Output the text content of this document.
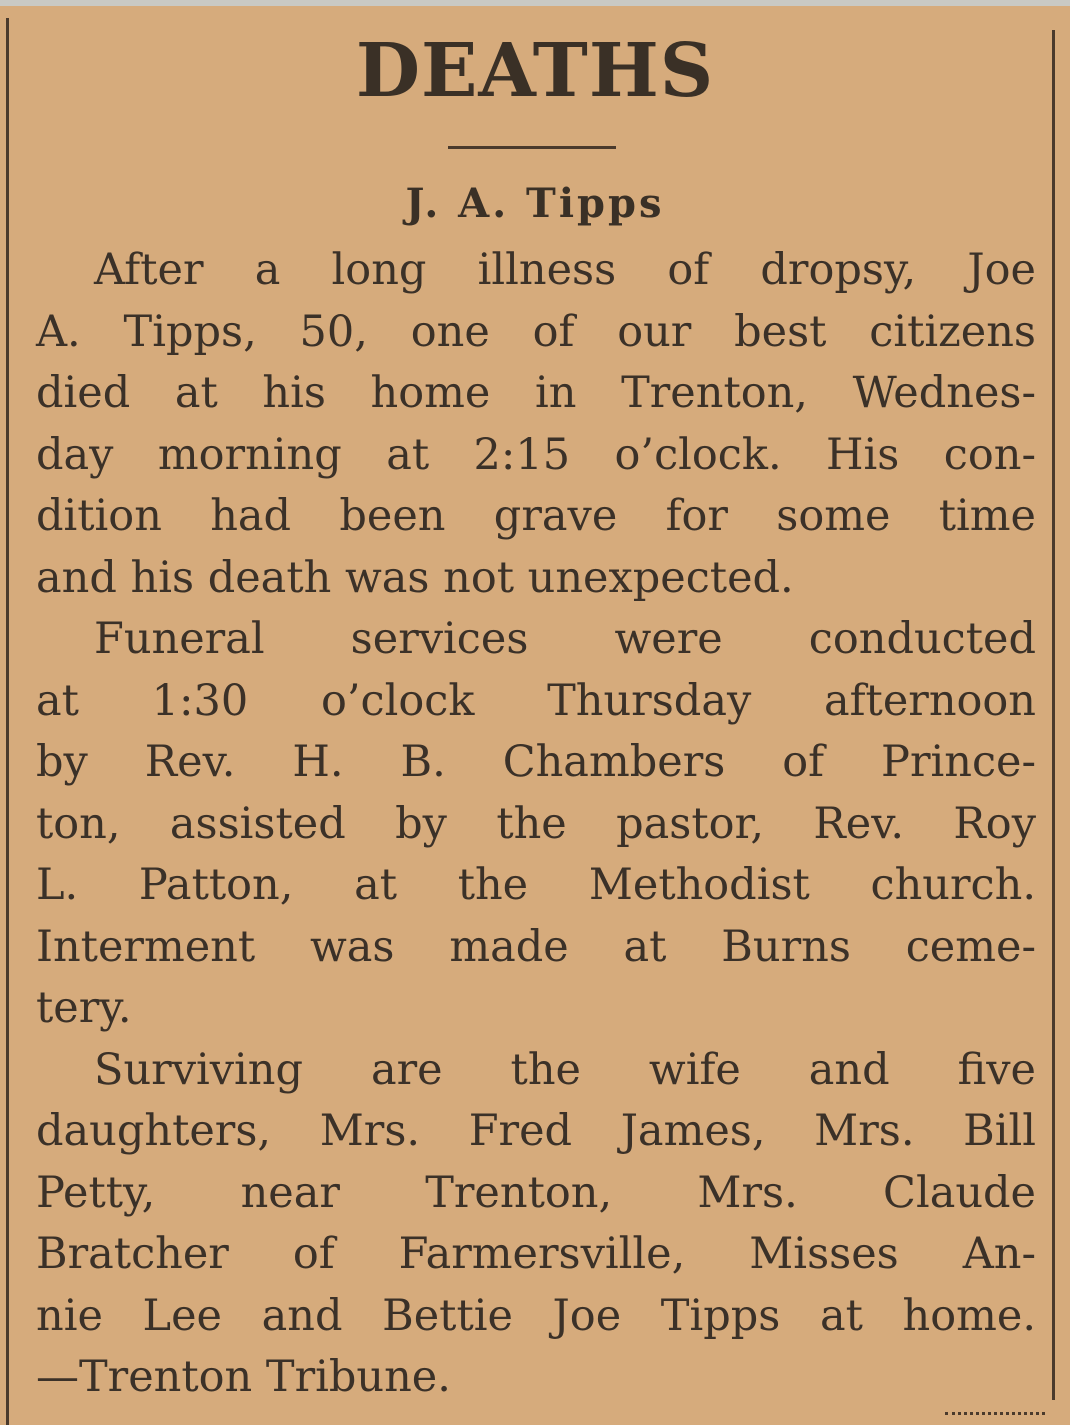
DEATHS
J. A. Tipps
After a long illness of dropsy, Joe
A. Tipps, 50, one of our best citizens
died at his home in Trenton, Wednes-
day morning at 2:15 o’clock. His con-
dition had been grave for some time
and his death was not unexpected.
Funeral services were conducted
at 1:30 o’clock Thursday afternoon
by Rev. H. B. Chambers of Prince-
ton, assisted by the pastor, Rev. Roy
L. Patton, at the Methodist church.
Interment was made at Burns ceme-
tery.
Surviving are the wife and five
daughters, Mrs. Fred James, Mrs. Bill
Petty, near Trenton, Mrs. Claude
Bratcher of Farmersville, Misses An-
nie Lee and Bettie Joe Tipps at home.
—Trenton Tribune.
